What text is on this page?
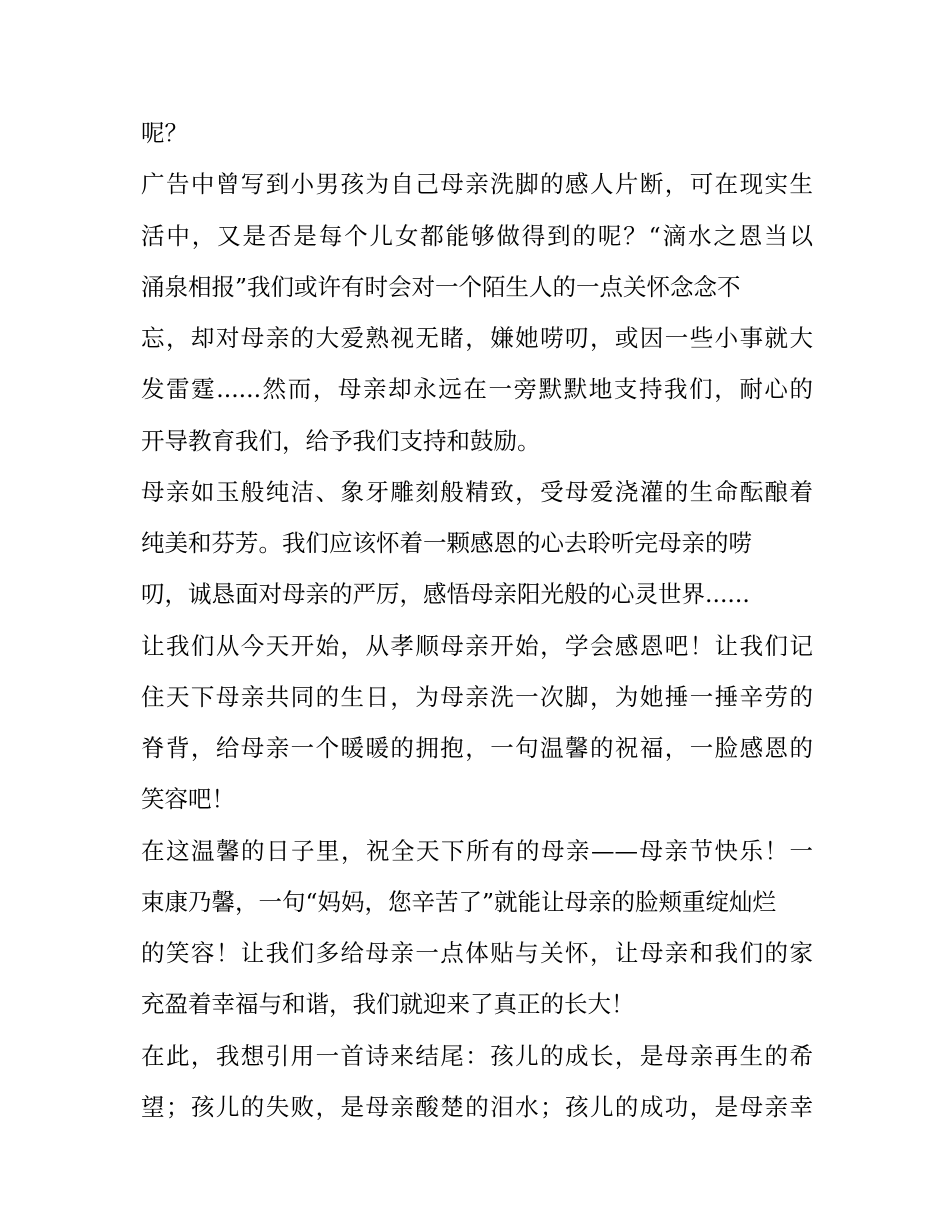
呢？
广告中曾写到小男孩为自己母亲洗脚的感人片断，可在现实生
活中，又是否是每个儿女都能够做得到的呢？“滴水之恩当以
涌泉相报”我们或许有时会对一个陌生人的一点关怀念念不
忘，却对母亲的大爱熟视无睹，嫌她唠叨，或因一些小事就大
发雷霆......然而，母亲却永远在一旁默默地支持我们，耐心的
开导教育我们，给予我们支持和鼓励。
母亲如玉般纯洁、象牙雕刻般精致，受母爱浇灌的生命酝酿着
纯美和芬芳。我们应该怀着一颗感恩的心去聆听完母亲的唠
叨，诚恳面对母亲的严厉，感悟母亲阳光般的心灵世界......
让我们从今天开始，从孝顺母亲开始，学会感恩吧！让我们记
住天下母亲共同的生日，为母亲洗一次脚，为她捶一捶辛劳的
脊背，给母亲一个暖暖的拥抱，一句温馨的祝福，一脸感恩的
笑容吧！
在这温馨的日子里，祝全天下所有的母亲——母亲节快乐！一
束康乃馨，一句“妈妈，您辛苦了”就能让母亲的脸颊重绽灿烂
的笑容！让我们多给母亲一点体贴与关怀，让母亲和我们的家
充盈着幸福与和谐，我们就迎来了真正的长大！
在此，我想引用一首诗来结尾：孩儿的成长，是母亲再生的希
望；孩儿的失败，是母亲酸楚的泪水；孩儿的成功，是母亲幸
